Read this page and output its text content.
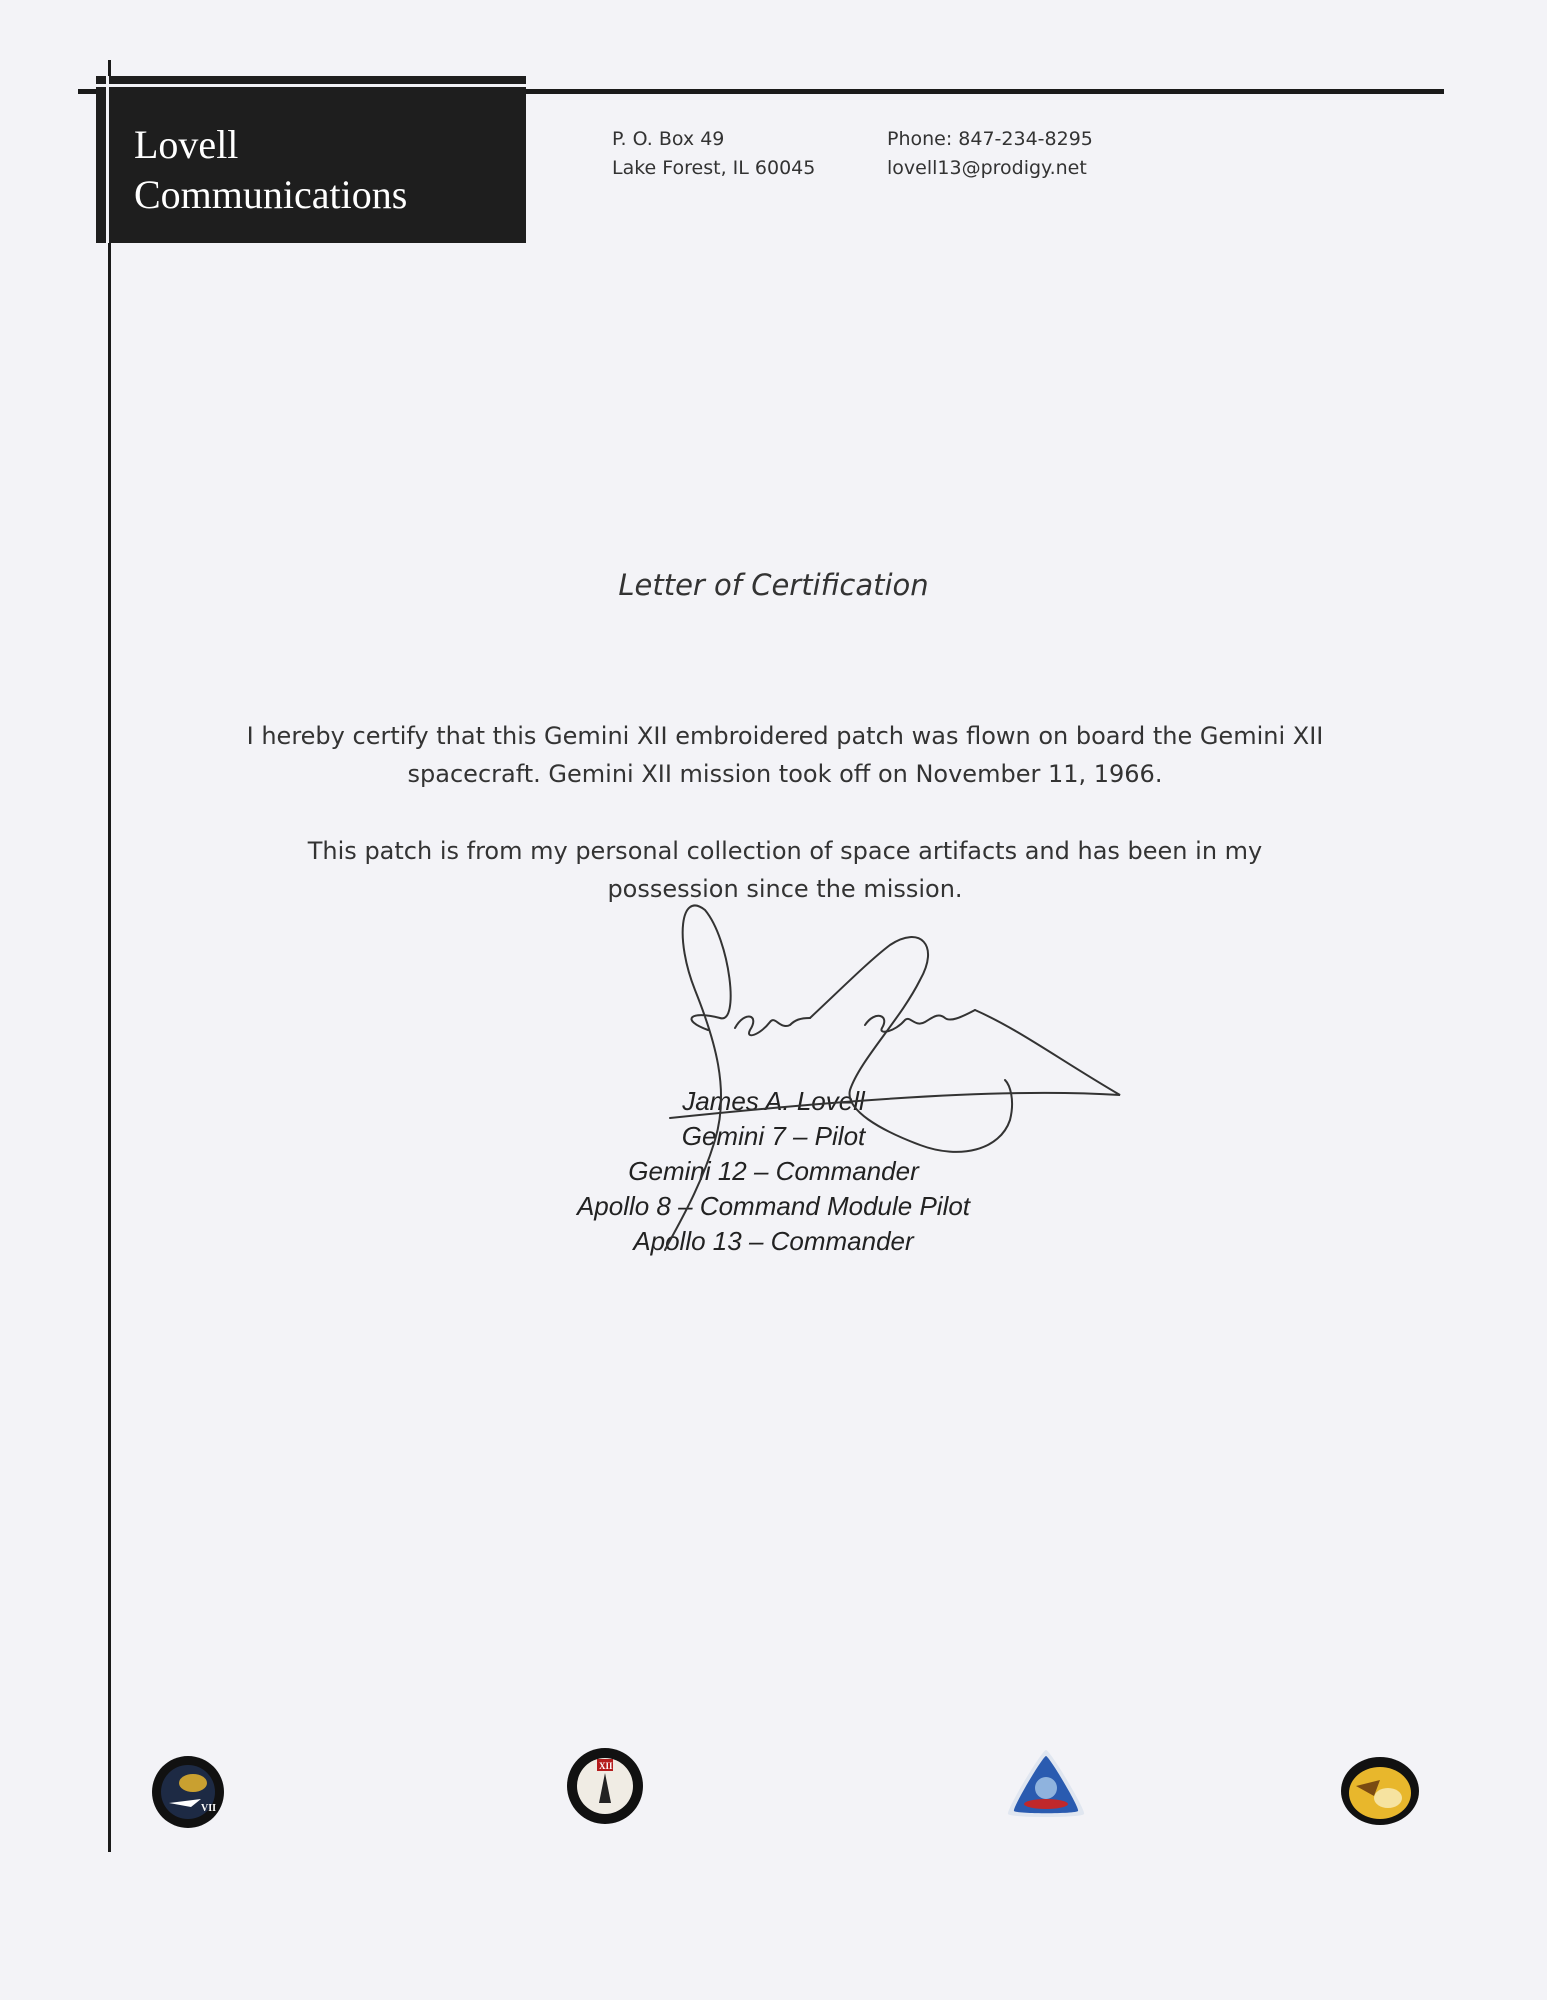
Lovell
Communications
P. O. Box 49
Lake Forest, IL 60045
Phone: 847-234-8295
lovell13@prodigy.net
Letter of Certification
I hereby certify that this Gemini XII embroidered patch was flown on board the Gemini XII
spacecraft. Gemini XII mission took off on November 11, 1966.
This patch is from my personal collection of space artifacts and has been in my
possession since the mission.
James A. Lovell
Gemini 7 – Pilot
Gemini 12 – Commander
Apollo 8 – Command Module Pilot
Apollo 13 – Commander
VII
XII
